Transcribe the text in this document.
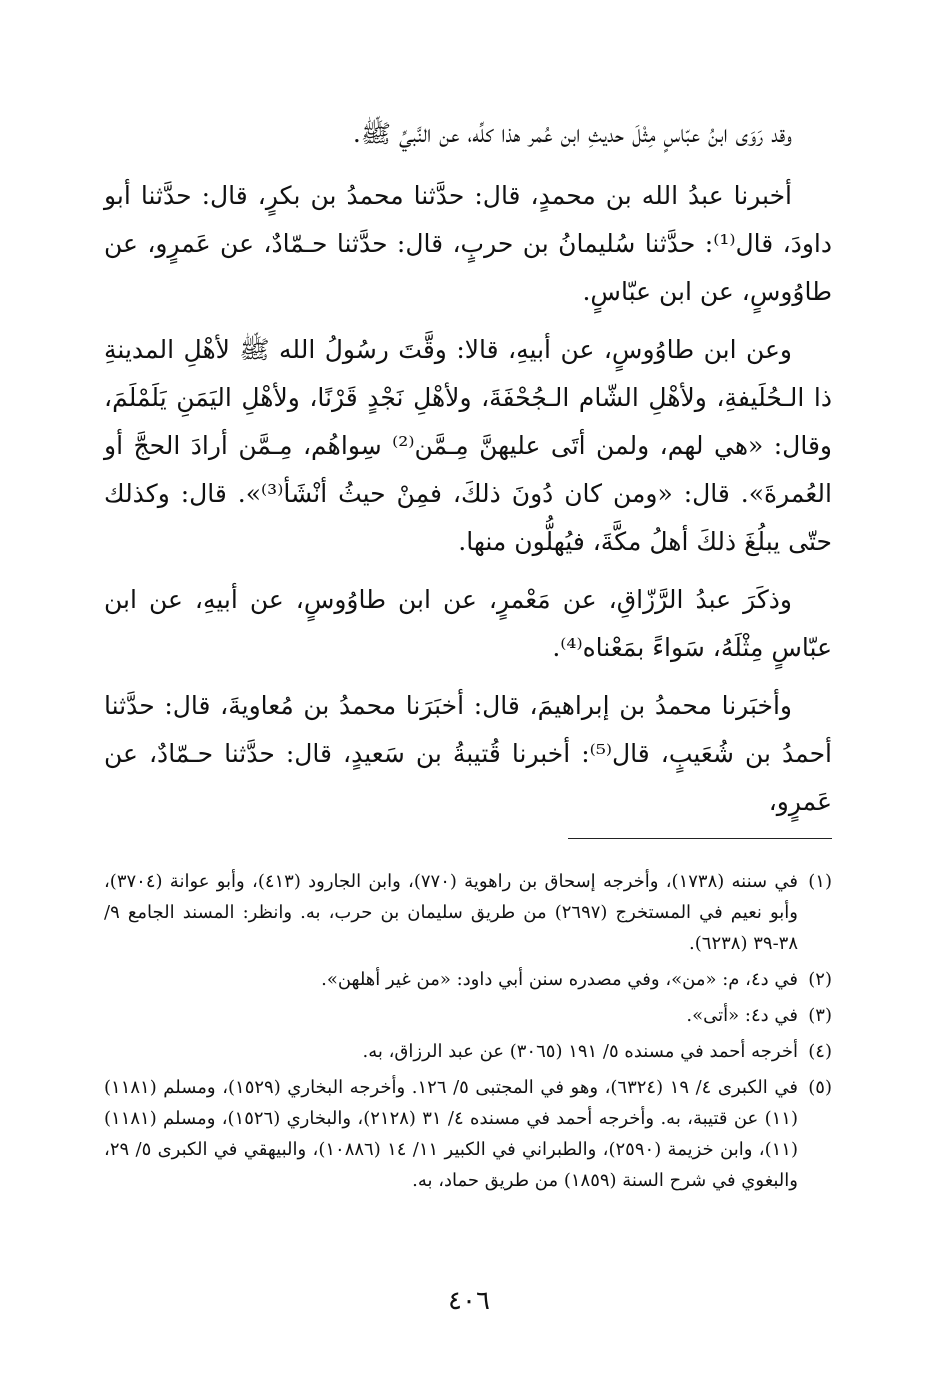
وقد رَوَى ابنُ عبّاسٍ مِثْلَ حديثِ ابن عُمر هذا كلِّه، عن النَّبيِّ ﷺ.

أخبرنا عبدُ الله بن محمدٍ، قال: حدَّثنا محمدُ بن بكرٍ، قال: حدَّثنا أبو داودَ، قال⁽¹⁾: حدَّثنا سُليمانُ بن حربٍ، قال: حدَّثنا حـمّادٌ، عن عَمرٍو، عن طاوُوسٍ، عن ابن عبّاسٍ.

وعن ابن طاوُوسٍ، عن أبيهِ، قالا: وقَّتَ رسُولُ الله ﷺ لأهْلِ المدينةِ ذا الـحُلَيفةِ، ولأهْلِ الشّام الـجُحْفَةَ، ولأهْلِ نَجْدٍ قَرْنًا، ولأهْلِ اليَمَنِ يَلَمْلَمَ، وقال: «هي لهم، ولمن أتَى عليهنَّ مِـمَّن⁽²⁾ سِواهُم، مِـمَّن أرادَ الحجَّ أو العُمرةَ». قال: «ومن كان دُونَ ذلكَ، فمِنْ حيثُ أنْشَأ⁽³⁾». قال: وكذلك حتّى يبلُغَ ذلكَ أهلُ مكَّةَ، فيُهلُّون منها.

وذكَرَ عبدُ الرَّزّاقِ، عن مَعْمرٍ، عن ابن طاوُوسٍ، عن أبيهِ، عن ابن عبّاسٍ مِثْلَهُ، سَواءً بمَعْناه⁽⁴⁾.

وأخبَرنا محمدُ بن إبراهيمَ، قال: أخبَرَنا محمدُ بن مُعاويةَ، قال: حدَّثنا أحمدُ بن شُعَيبٍ، قال⁽⁵⁾: أخبرنا قُتيبةُ بن سَعيدٍ، قال: حدَّثنا حـمّادٌ، عن عَمرٍو،

(١)في سننه (١٧٣٨)، وأخرجه إسحاق بن راهوية (٧٧٠)، وابن الجارود (٤١٣)، وأبو عوانة (٣٧٠٤)، وأبو نعيم في المستخرج (٢٦٩٧) من طريق سليمان بن حرب، به. وانظر: المسند الجامع ٩/ ٣٨-٣٩ (٦٢٣٨).
(٢)في د٤، م: «من»، وفي مصدره سنن أبي داود: «من غير أهلهن».
(٣)في د٤: «أتى».
(٤)أخرجه أحمد في مسنده ٥/ ١٩١ (٣٠٦٥) عن عبد الرزاق، به.
(٥)في الكبرى ٤/ ١٩ (٦٣٢٤)، وهو في المجتبى ٥/ ١٢٦. وأخرجه البخاري (١٥٢٩)، ومسلم (١١٨١) (١١) عن قتيبة، به. وأخرجه أحمد في مسنده ٤/ ٣١ (٢١٢٨)، والبخاري (١٥٢٦)، ومسلم (١١٨١) (١١)، وابن خزيمة (٢٥٩٠)، والطبراني في الكبير ١١/ ١٤ (١٠٨٨٦)، والبيهقي في الكبرى ٥/ ٢٩، والبغوي في شرح السنة (١٨٥٩) من طريق حماد، به.
٤٠٦
